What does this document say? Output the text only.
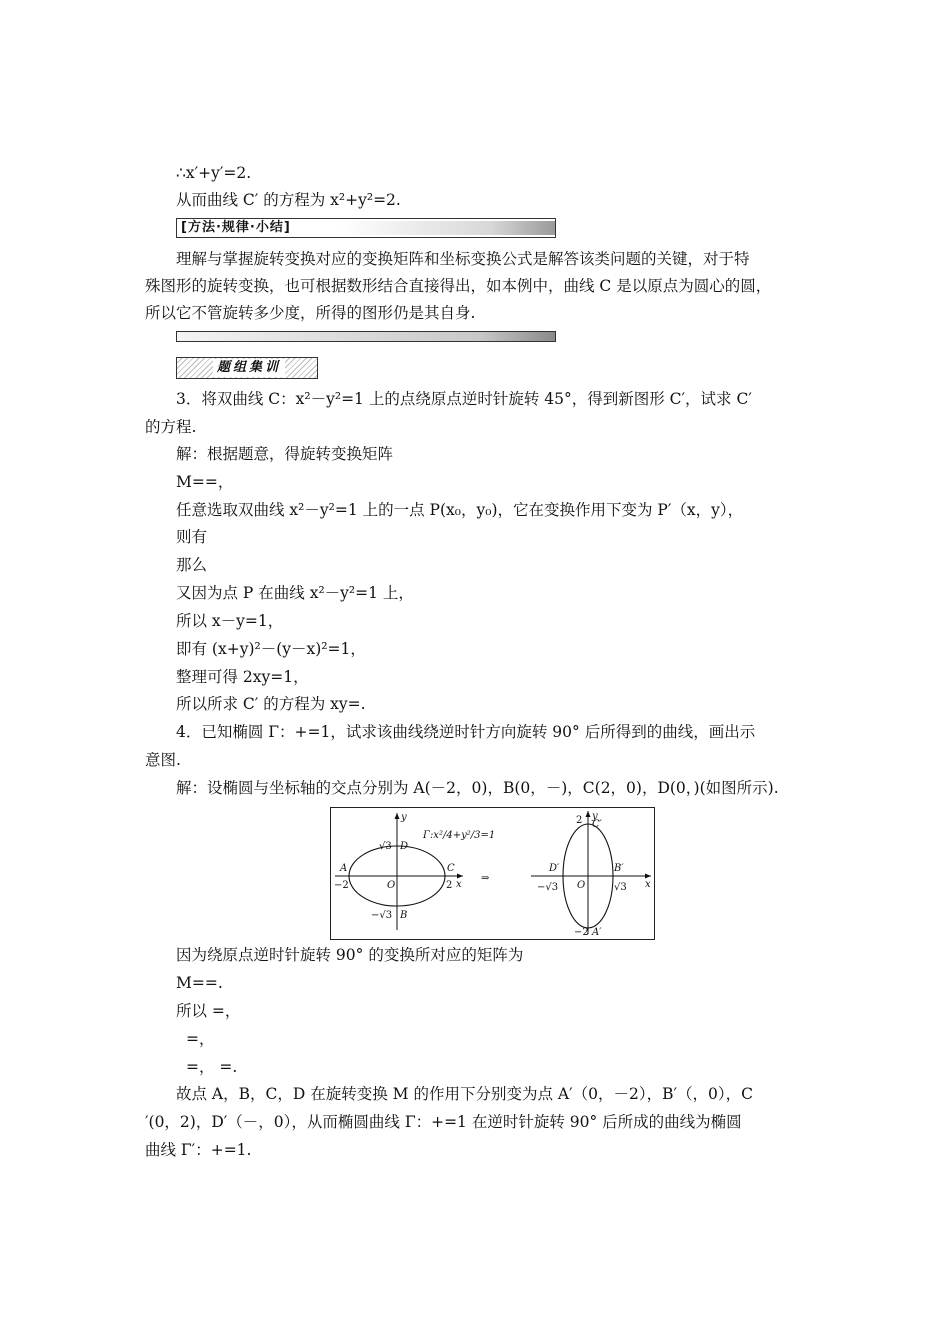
∴x′+y′=2.
从而曲线 C′ 的方程为 x²+y²=2.
[方法·规律·小结]
理解与掌握旋转变换对应的变换矩阵和坐标变换公式是解答该类问题的关键，对于特
殊图形的旋转变换，也可根据数形结合直接得出，如本例中，曲线 C 是以原点为圆心的圆，
所以它不管旋转多少度，所得的图形仍是其自身.
题组集训
3．将双曲线 C：x²－y²=1 上的点绕原点逆时针旋转 45°，得到新图形 C′，试求 C′
的方程.
解：根据题意，得旋转变换矩阵
M==，
任意选取双曲线 x²－y²=1 上的一点 P(x₀，y₀)，它在变换作用下变为 P′（x，y），
则有
那么
又因为点 P 在曲线 x²－y²=1 上，
所以 x－y=1，
即有 (x+y)²－(y－x)²=1，
整理可得 2xy=1，
所以所求 C′ 的方程为 xy=.
4．已知椭圆 Γ：+=1，试求该曲线绕逆时针方向旋转 90° 后所得到的曲线，画出示
意图.
解：设椭圆与坐标轴的交点分别为 A(－2，0)，B(0，－)，C(2，0)，D(0，)(如图所示).
A
−2
C
2 x
y
D
√3
O
B
−√3
Γ:x²/4+y²/3=1
⇒
y
2 C′
D′
−√3
B′
√3
O	x
−2 A′
因为绕原点逆时针旋转 90° 的变换所对应的矩阵为
M==.
所以 =，
=，
=， =.
故点 A，B，C，D 在旋转变换 M 的作用下分别变为点 A′（0，－2），B′（，0），C
′(0，2)，D′（－，0），从而椭圆曲线 Γ：+=1 在逆时针旋转 90° 后所成的曲线为椭圆
曲线 Γ′：+=1.
